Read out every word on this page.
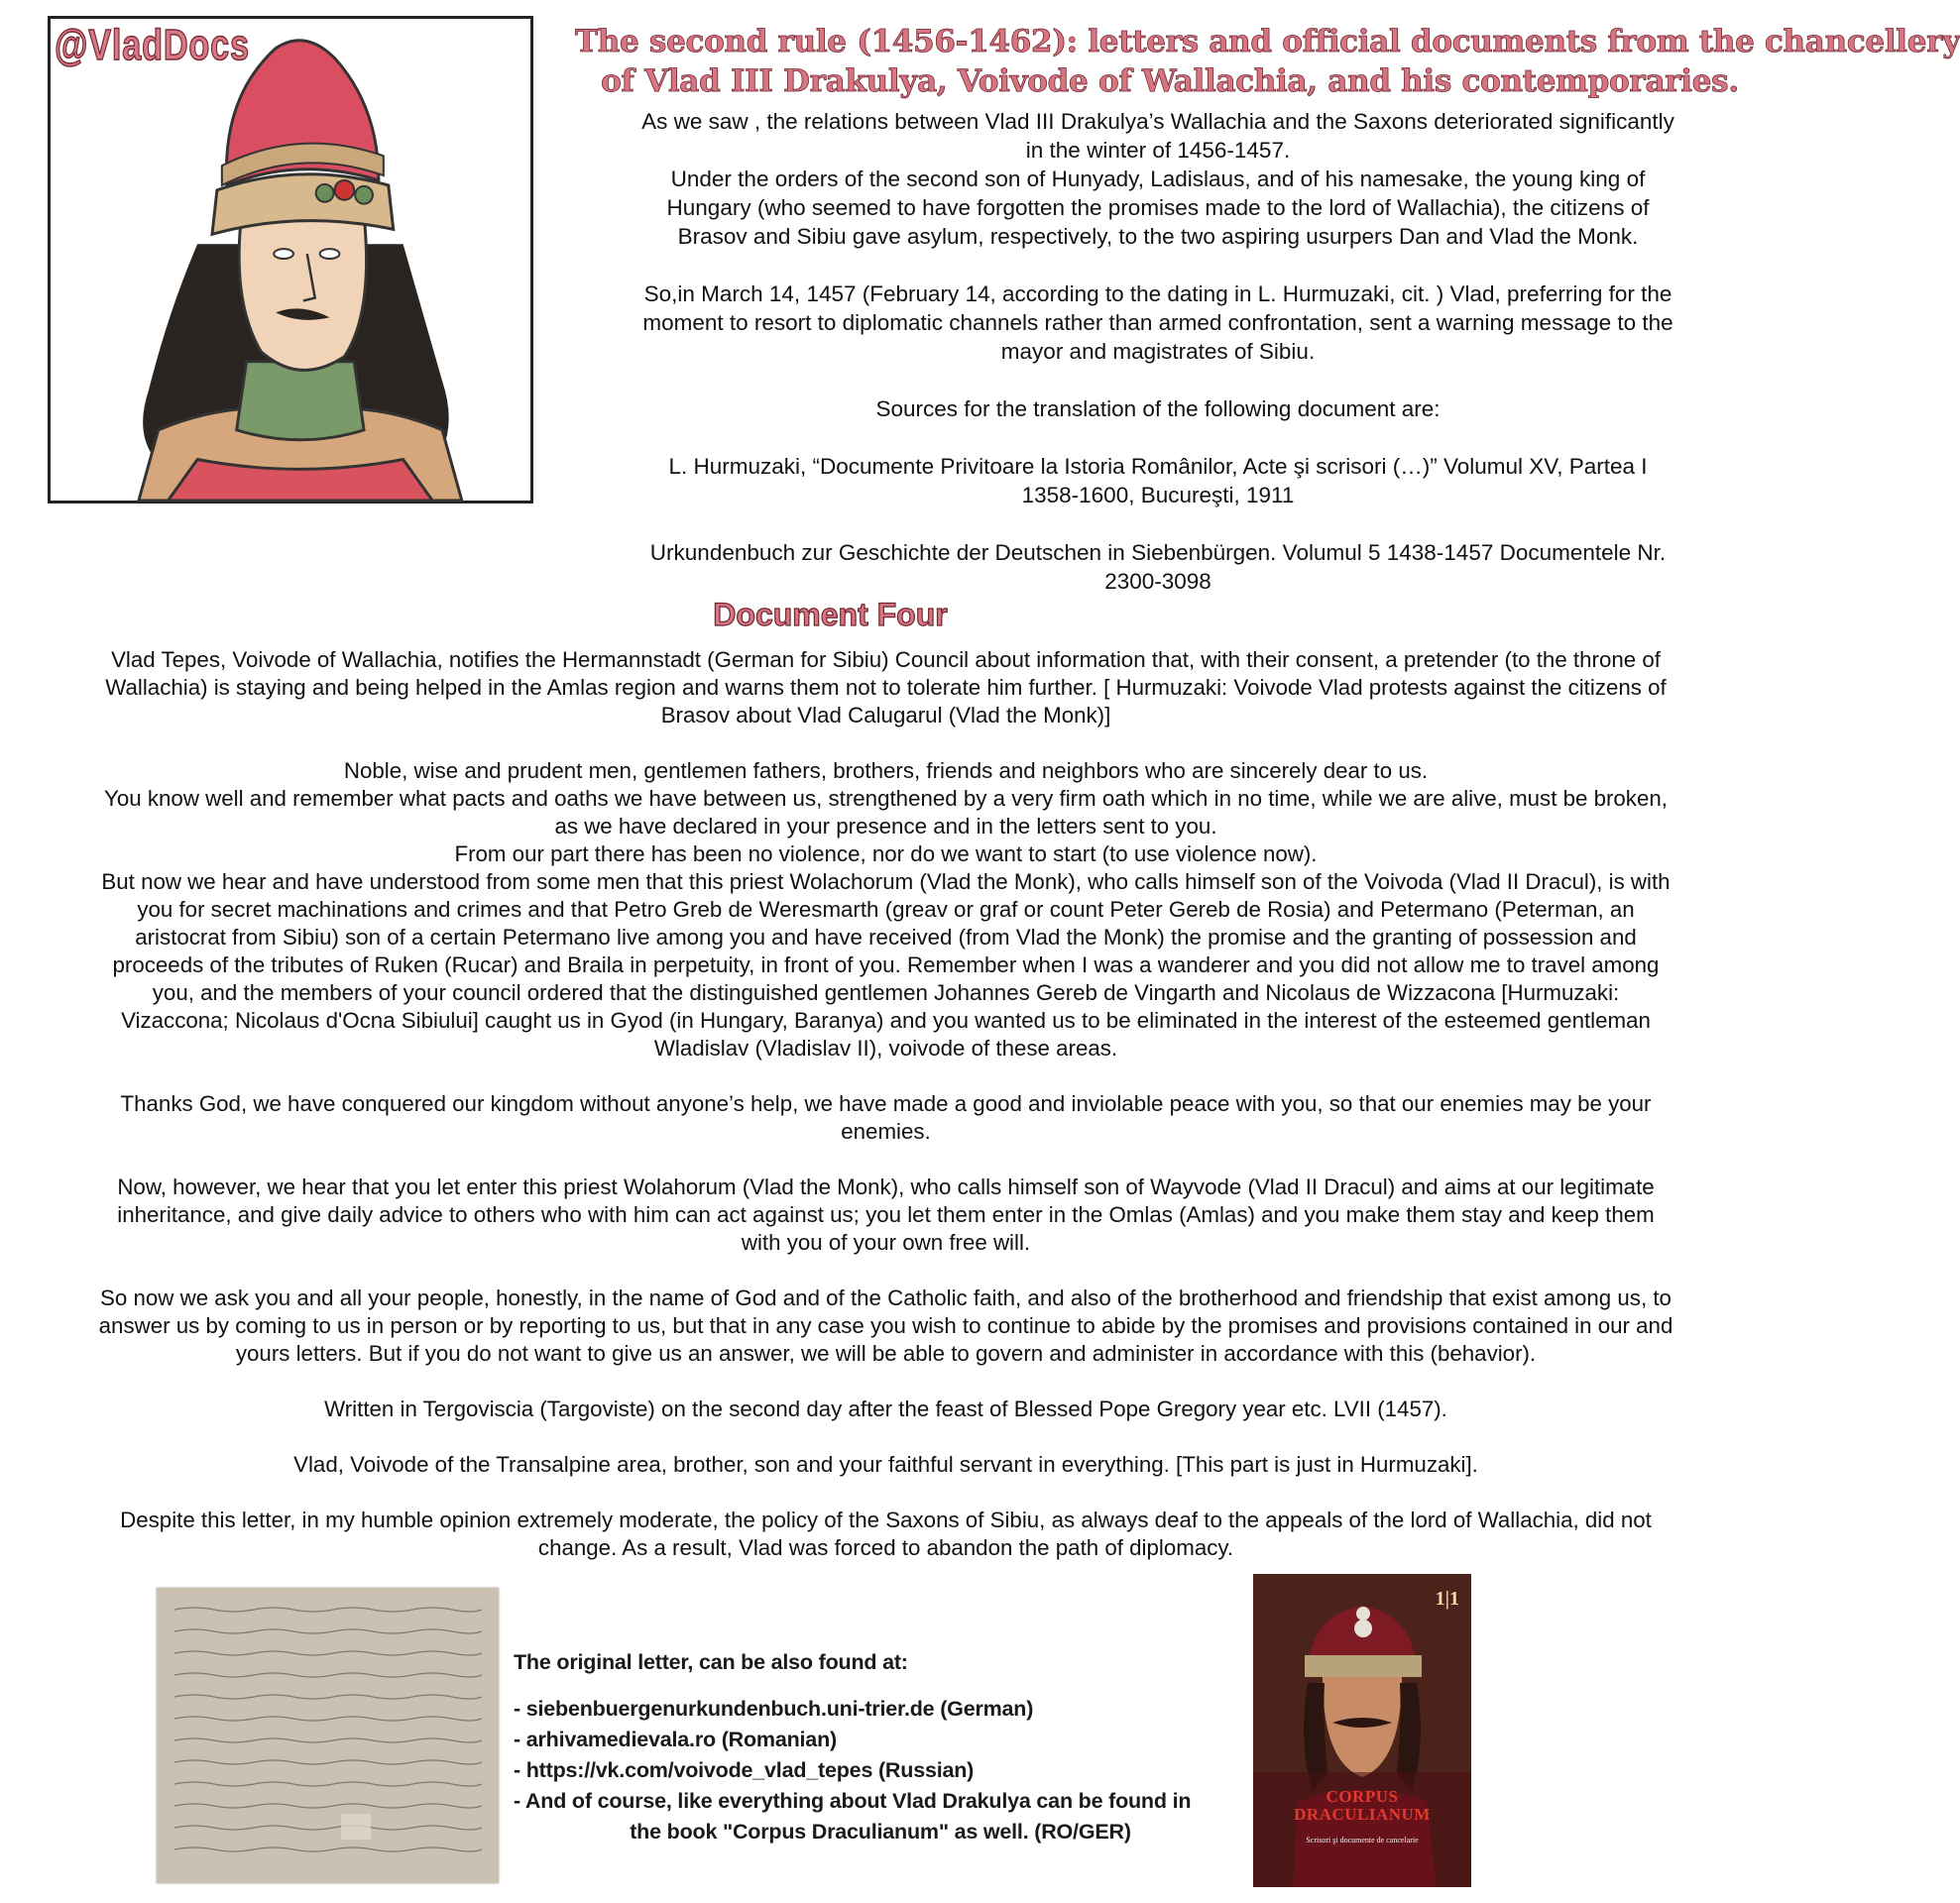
@VladDocs	The second rule (1456-1462): letters and official documents from the chancellery
of Vlad III Drakulya, Voivode of Wallachia, and his contemporaries.

As we saw , the relations between Vlad III Drakulya’s Wallachia and the Saxons deteriorated significantly
in the winter of 1456-1457.

Under the orders of the second son of Hunyady, Ladislaus, and of his namesake, the young king of
Hungary (who seemed to have forgotten the promises made to the lord of Wallachia), the citizens of
Brasov and Sibiu gave asylum, respectively, to the two aspiring usurpers Dan and Vlad the Monk.

So,in March 14, 1457 (February 14, according to the dating in L. Hurmuzaki, cit. ) Vlad, preferring for the
moment to resort to diplomatic channels rather than armed confrontation, sent a warning message to the
mayor and magistrates of Sibiu.

Sources for the translation of the following document are:

L. Hurmuzaki, “Documente Privitoare la Istoria Românilor, Acte şi scrisori (…)” Volumul XV, Partea I
1358-1600, Bucureşti, 1911

Urkundenbuch zur Geschichte der Deutschen in Siebenbürgen. Volumul 5 1438-1457 Documentele Nr.
2300-3098

Document Four

Vlad Tepes, Voivode of Wallachia, notifies the Hermannstadt (German for Sibiu) Council about information that, with their consent, a pretender (to the throne of
Wallachia) is staying and being helped in the Amlas region and warns them not to tolerate him further. [ Hurmuzaki: Voivode Vlad protests against the citizens of
Brasov about Vlad Calugarul (Vlad the Monk)]

Noble, wise and prudent men, gentlemen fathers, brothers, friends and neighbors who are sincerely dear to us.

You know well and remember what pacts and oaths we have between us, strengthened by a very firm oath which in no time, while we are alive, must be broken,
as we have declared in your presence and in the letters sent to you.

From our part there has been no violence, nor do we want to start (to use violence now).

But now we hear and have understood from some men that this priest Wolachorum (Vlad the Monk), who calls himself son of the Voivoda (Vlad II Dracul), is with
you for secret machinations and crimes and that Petro Greb de Weresmarth (greav or graf or count Peter Gereb de Rosia) and Petermano (Peterman, an
aristocrat from Sibiu) son of a certain Petermano live among you and have received (from Vlad the Monk) the promise and the granting of possession and
proceeds of the tributes of Ruken (Rucar) and Braila in perpetuity, in front of you. Remember when I was a wanderer and you did not allow me to travel among
you, and the members of your council ordered that the distinguished gentlemen Johannes Gereb de Vingarth and Nicolaus de Wizzacona [Hurmuzaki:
Vizaccona; Nicolaus d'Ocna Sibiului] caught us in Gyod (in Hungary, Baranya) and you wanted us to be eliminated in the interest of the esteemed gentleman
Wladislav (Vladislav II), voivode of these areas.

Thanks God, we have conquered our kingdom without anyone’s help, we have made a good and inviolable peace with you, so that our enemies may be your
enemies.

Now, however, we hear that you let enter this priest Wolahorum (Vlad the Monk), who calls himself son of Wayvode (Vlad II Dracul) and aims at our legitimate
inheritance, and give daily advice to others who with him can act against us; you let them enter in the Omlas (Amlas) and you make them stay and keep them
with you of your own free will.

So now we ask you and all your people, honestly, in the name of God and of the Catholic faith, and also of the brotherhood and friendship that exist among us, to
answer us by coming to us in person or by reporting to us, but that in any case you wish to continue to abide by the promises and provisions contained in our and
yours letters. But if you do not want to give us an answer, we will be able to govern and administer in accordance with this (behavior).

Written in Tergoviscia (Targoviste) on the second day after the feast of Blessed Pope Gregory year etc. LVII (1457).

Vlad, Voivode of the Transalpine area, brother, son and your faithful servant in everything. [This part is just in Hurmuzaki].

Despite this letter, in my humble opinion extremely moderate, the policy of the Saxons of Sibiu, as always deaf to the appeals of the lord of Wallachia, did not
change. As a result, Vlad was forced to abandon the path of diplomacy.

The original letter, can be also found at:
- siebenbuergenurkundenbuch.uni-trier.de (German)
- arhivamedievala.ro (Romanian)
- https://vk.com/voivode_vlad_tepes (Russian)
- And of course, like everything about Vlad Drakulya can be found in
the book "Corpus Draculianum" as well. (RO/GER)
1|1
CORPUS
DRACULIANUM
Scrisori şi documente de cancelarie
